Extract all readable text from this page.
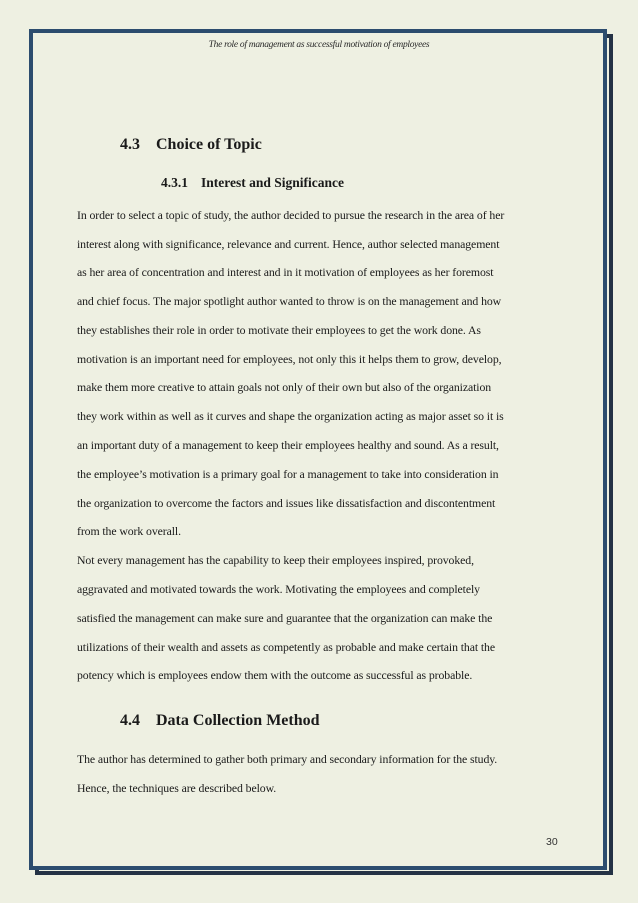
The role of management as successful motivation of employees
4.3 Choice of Topic
4.3.1 Interest and Significance
In order to select a topic of study, the author decided to pursue the research in the area of her
interest along with significance, relevance and current. Hence, author selected management
as her area of concentration and interest and in it motivation of employees as her foremost
and chief focus. The major spotlight author wanted to throw is on the management and how
they establishes their role in order to motivate their employees to get the work done. As
motivation is an important need for employees, not only this it helps them to grow, develop,
make them more creative to attain goals not only of their own but also of the organization
they work within as well as it curves and shape the organization acting as major asset so it is
an important duty of a management to keep their employees healthy and sound. As a result,
the employee’s motivation is a primary goal for a management to take into consideration in
the organization to overcome the factors and issues like dissatisfaction and discontentment
from the work overall.
Not every management has the capability to keep their employees inspired, provoked,
aggravated and motivated towards the work. Motivating the employees and completely
satisfied the management can make sure and guarantee that the organization can make the
utilizations of their wealth and assets as competently as probable and make certain that the
potency which is employees endow them with the outcome as successful as probable.
4.4 Data Collection Method
The author has determined to gather both primary and secondary information for the study.
Hence, the techniques are described below.
30
